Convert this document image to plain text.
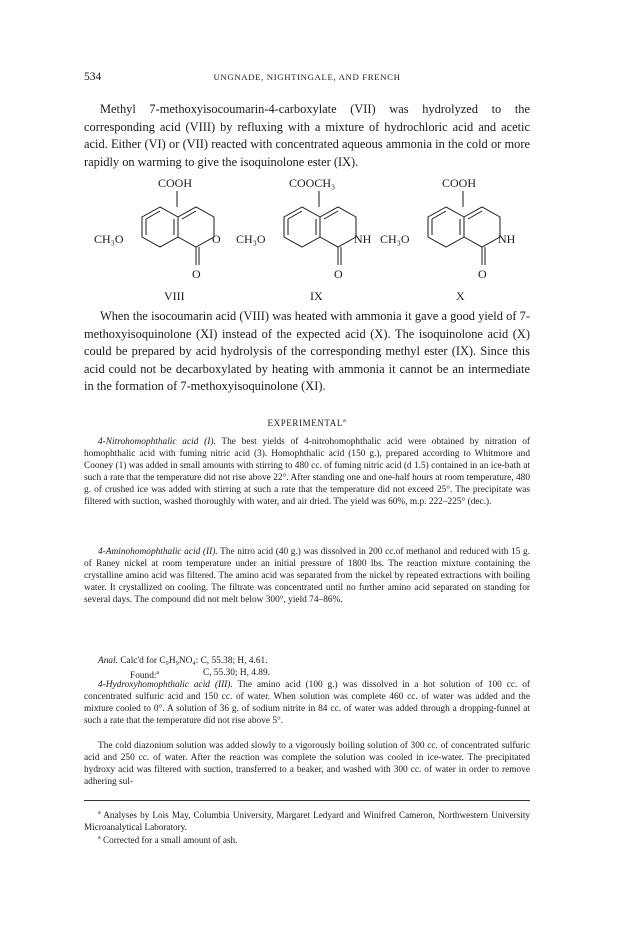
534	UNGNADE, NIGHTINGALE, AND FRENCH

Methyl 7-methoxyisocoumarin-4-carboxylate (VII) was hydrolyzed to the corresponding acid (VIII) by refluxing with a mixture of hydrochloric acid and acetic acid. Either (VI) or (VII) reacted with concentrated aqueous ammonia in the cold or more rapidly on warming to give the isoquinolone ester (IX).

COOH
CH₃O	O
O
VIII
COOCH₃
CH₃O	NH
O
IX
COOH
CH₃O	NH
O
X

When the isocoumarin acid (VIII) was heated with ammonia it gave a good yield of 7-methoxyisoquinolone (XI) instead of the expected acid (X). The isoquinolone acid (X) could be prepared by acid hydrolysis of the corresponding methyl ester (IX). Since this acid could not be decarboxylated by heating with ammonia it cannot be an intermediate in the formation of 7-methoxyisoquinolone (XI).

EXPERIMENTAL$^a$

4-Nitrohomophthalic acid (I). The best yields of 4-nitrohomophthalic acid were obtained by nitration of homophthalic acid with fuming nitric acid (3). Homophthalic acid (150 g.), prepared according to Whitmore and Cooney (1) was added in small amounts with stirring to 480 cc. of fuming nitric acid (d 1.5) contained in an ice-bath at such a rate that the temperature did not rise above 22°. After standing one and one-half hours at room temperature, 480 g. of crushed ice was added with stirring at such a rate that the temperature did not exceed 25°. The precipitate was filtered with suction, washed thoroughly with water, and air dried. The yield was 60%, m.p. 222–225° (dec.).

4-Aminohomophthalic acid (II). The nitro acid (40 g.) was dissolved in 200 cc.of methanol and reduced with 15 g. of Raney nickel at room temperature under an initial pressure of 1800 lbs. The reaction mixture containing the crystalline amino acid was filtered. The amino acid was separated from the nickel by repeated extractions with boiling water. It crystallized on cooling. The filtrate was concentrated until no further amino acid separated on standing for several days. The compound did not melt below 300°, yield 74–86%.

Anal. Calc'd for C₉H₉NO₄: C, 55.38; H, 4.61.
Found:$^a$	C, 55.30; H, 4.89.

4-Hydroxyhomophthalic acid (III). The amino acid (100 g.) was dissolved in a hot solution of 100 cc. of concentrated sulfuric acid and 150 cc. of water. When solution was complete 460 cc. of water was added and the mixture cooled to 0°. A solution of 36 g. of sodium nitrite in 84 cc. of water was added through a dropping-funnel at such a rate that the temperature did not rise above 5°.

The cold diazonium solution was added slowly to a vigorously boiling solution of 300 cc. of concentrated sulfuric acid and 250 cc. of water. After the reaction was complete the solution was cooled in ice-water. The precipitated hydroxy acid was filtered with suction, transferred to a beaker, and washed with 300 cc. of water in order to remove adhering sul-

$^a$ Analyses by Lois May, Columbia University, Margaret Ledyard and Winifred Cameron, Northwestern University Microanalytical Laboratory.

$^a$ Corrected for a small amount of ash.
